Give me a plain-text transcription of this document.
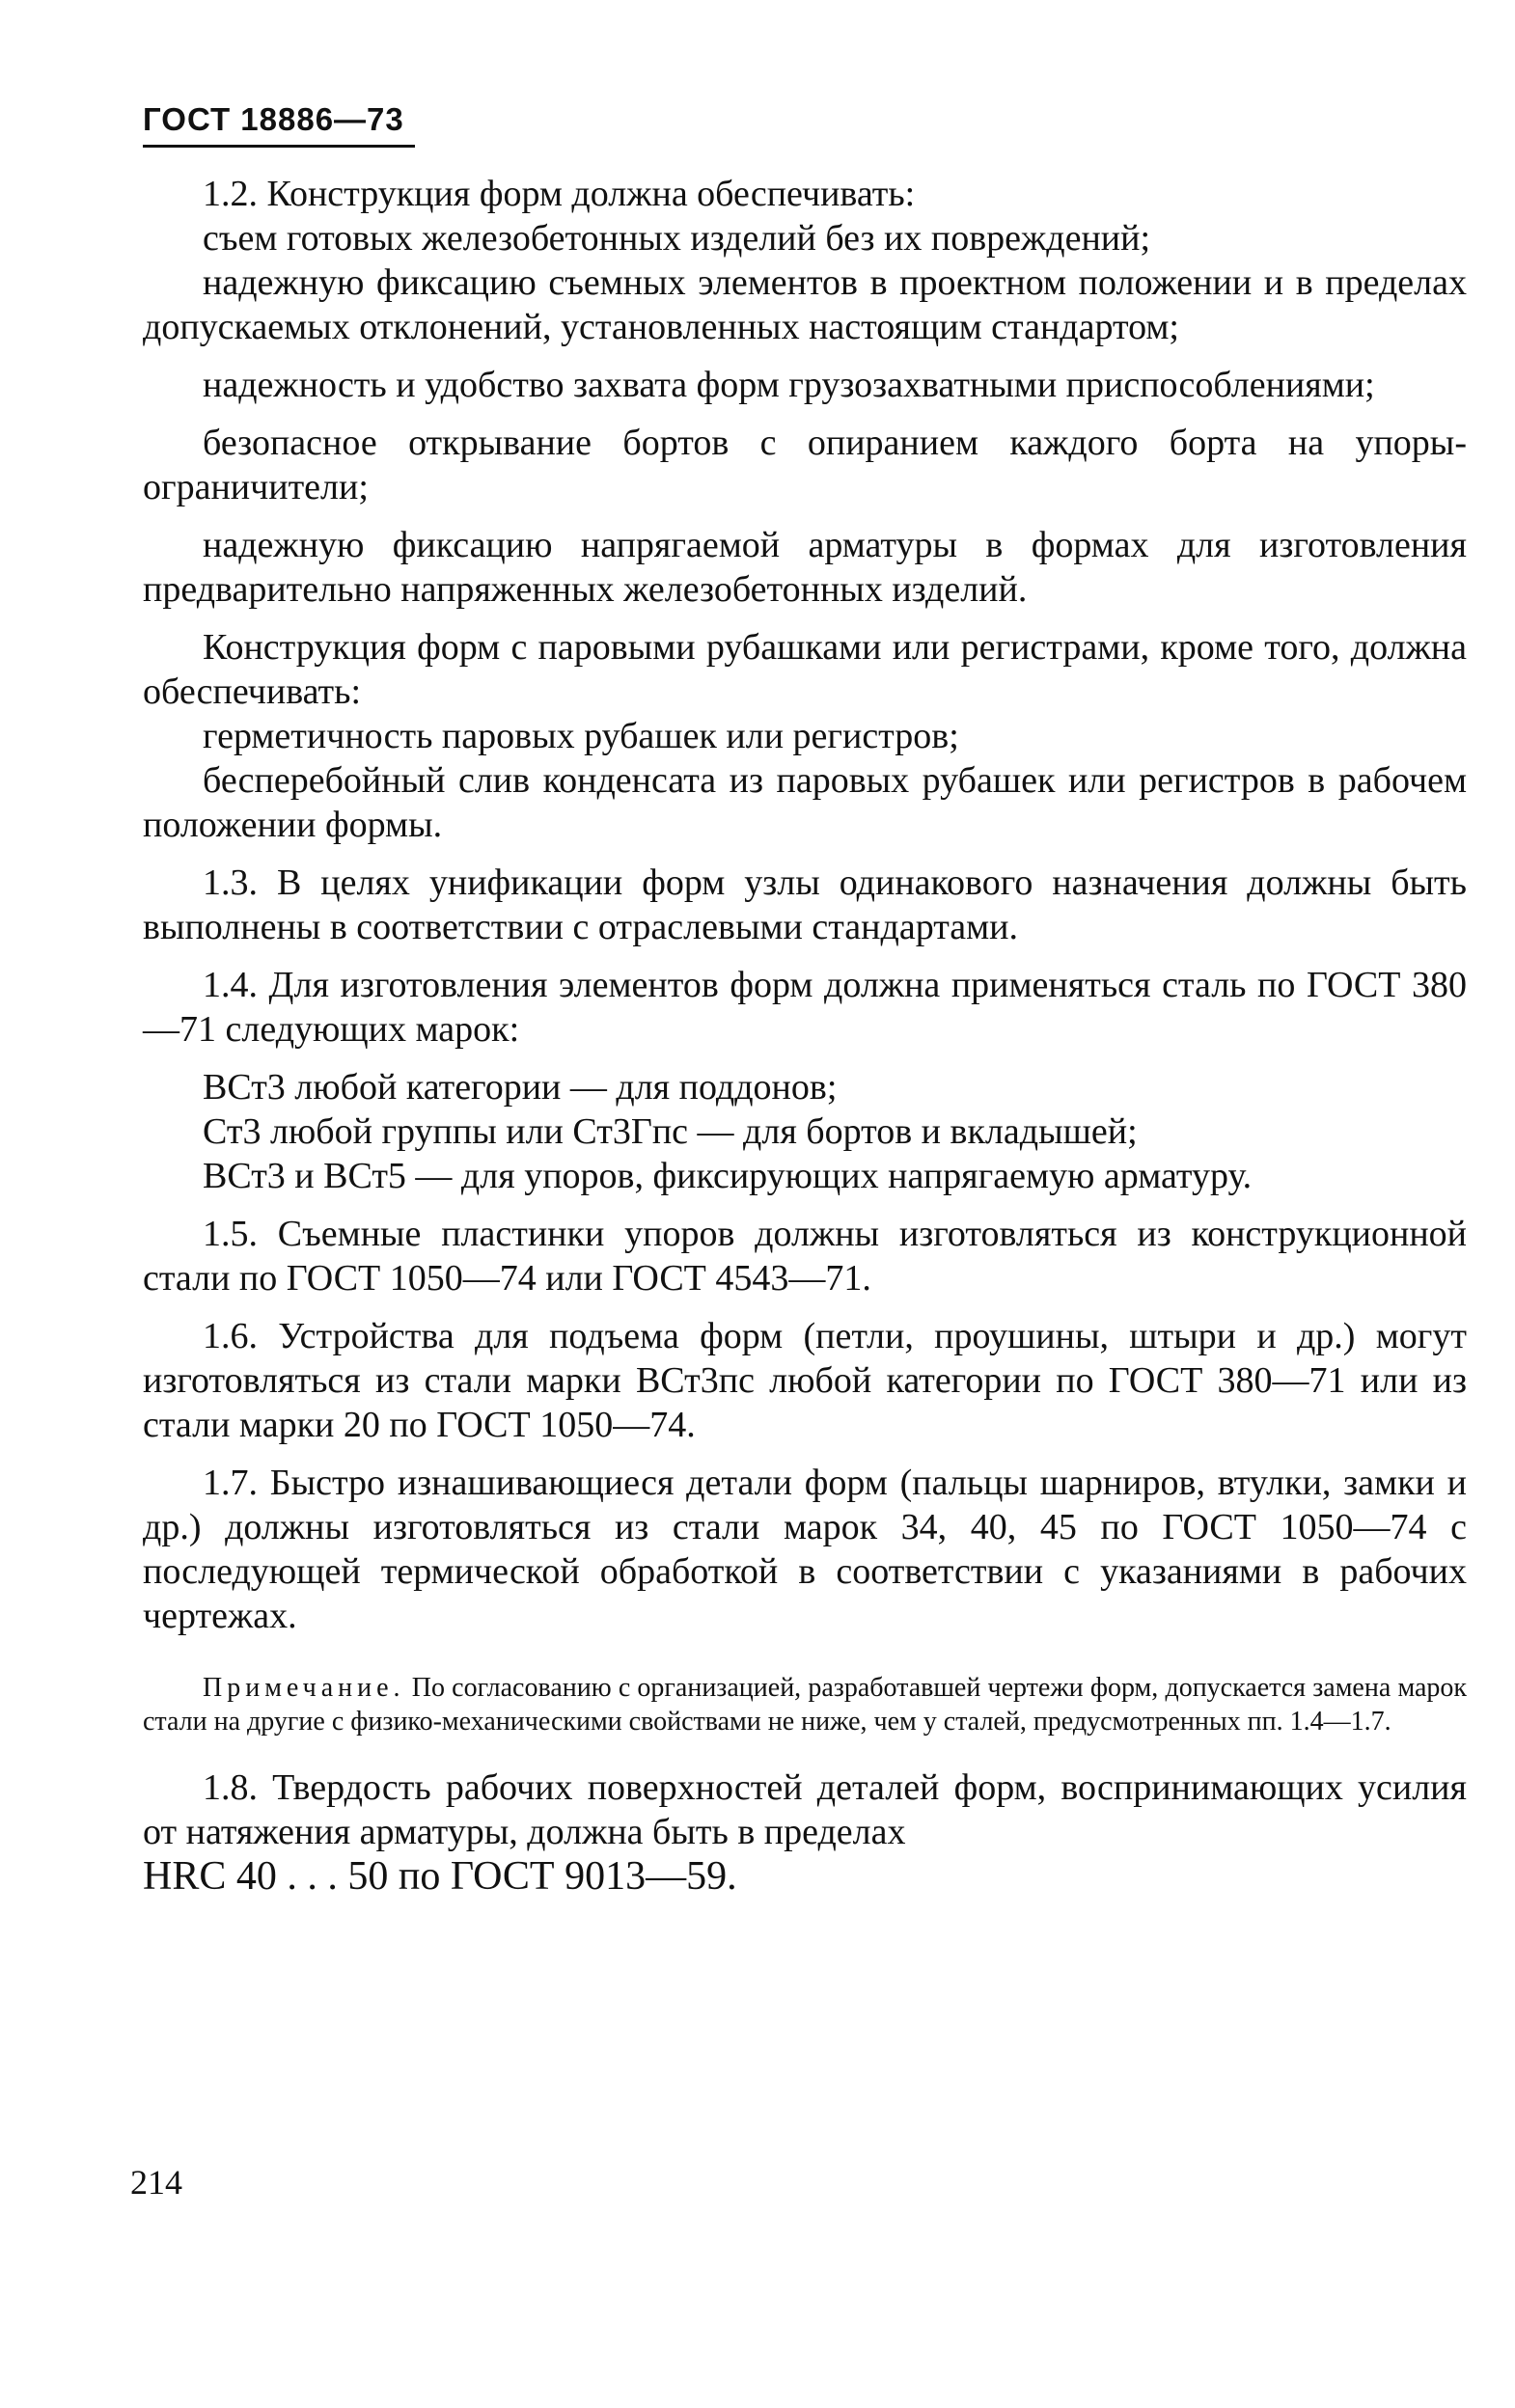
ГОСТ 18886—73

1.2. Конструкция форм должна обеспечивать:

съем готовых железобетонных изделий без их повреждений;

надежную фиксацию съемных элементов в проектном положении и в пределах допускаемых отклонений, установленных настоящим стандартом;

надежность и удобство захвата форм грузозахватными приспособлениями;

безопасное открывание бортов с опиранием каждого борта на упоры-ограничители;

надежную фиксацию напрягаемой арматуры в формах для изготовления предварительно напряженных железобетонных изделий.

Конструкция форм с паровыми рубашками или регистрами, кроме того, должна обеспечивать:

герметичность паровых рубашек или регистров;

бесперебойный слив конденсата из паровых рубашек или регистров в рабочем положении формы.

1.3. В целях унификации форм узлы одинакового назначения должны быть выполнены в соответствии с отраслевыми стандартами.

1.4. Для изготовления элементов форм должна применяться сталь по ГОСТ 380—71 следующих марок:

ВСт3 любой категории — для поддонов;

Ст3 любой группы или Ст3Гпс — для бортов и вкладышей;

ВСт3 и ВСт5 — для упоров, фиксирующих напрягаемую арматуру.

1.5. Съемные пластинки упоров должны изготовляться из конструкционной стали по ГОСТ 1050—74 или ГОСТ 4543—71.

1.6. Устройства для подъема форм (петли, проушины, штыри и др.) могут изготовляться из стали марки ВСт3пс любой категории по ГОСТ 380—71 или из стали марки 20 по ГОСТ 1050—74.

1.7. Быстро изнашивающиеся детали форм (пальцы шарниров, втулки, замки и др.) должны изготовляться из стали марок 34, 40, 45 по ГОСТ 1050—74 с последующей термической обработкой в соответствии с указаниями в рабочих чертежах.

Примечание. По согласованию с организацией, разработавшей чертежи форм, допускается замена марок стали на другие с физико-механическими свойствами не ниже, чем у сталей, предусмотренных пп. 1.4—1.7.

1.8. Твердость рабочих поверхностей деталей форм, воспринимающих усилия от натяжения арматуры, должна быть в пределах

HRC 40 . . . 50 по ГОСТ 9013—59.

214
